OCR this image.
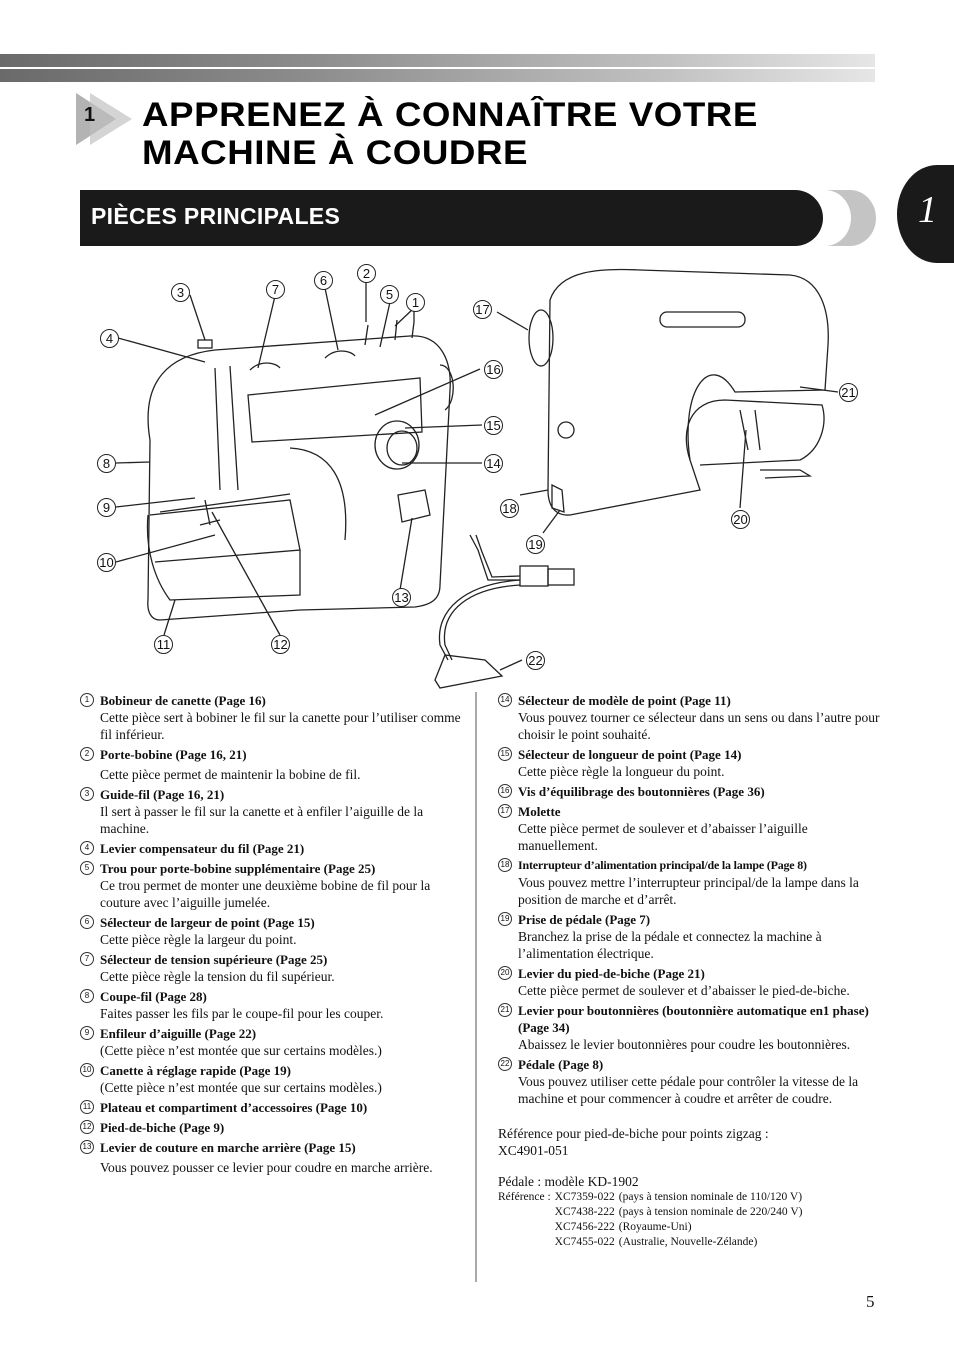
1 APPRENEZ À CONNAÎTRE VOTRE
MACHINE À COUDRE
PIÈCES PRINCIPALES	1
3	7
6	2
5
1
4
16
15
14
8
9
10
13
11	12
17
18
19
20
21
22
1 Bobineur de canette (Page 16)
Cette pièce sert à bobiner le fil sur la canette pour l’utiliser comme fil inférieur.
2 Porte-bobine (Page 16, 21)
Cette pièce permet de maintenir la bobine de fil.
3 Guide-fil (Page 16, 21)
Il sert à passer le fil sur la canette et à enfiler l’aiguille de la machine.
4 Levier compensateur du fil (Page 21)
5 Trou pour porte-bobine supplémentaire (Page 25)
Ce trou permet de monter une deuxième bobine de fil pour la couture avec l’aiguille jumelée.
6 Sélecteur de largeur de point (Page 15)
Cette pièce règle la largeur du point.
7 Sélecteur de tension supérieure (Page 25)
Cette pièce règle la tension du fil supérieur.
8 Coupe-fil (Page 28)
Faites passer les fils par le coupe-fil pour les couper.
9 Enfileur d’aiguille (Page 22)
(Cette pièce n’est montée que sur certains modèles.)
10 Canette à réglage rapide (Page 19)
(Cette pièce n’est montée que sur certains modèles.)
11 Plateau et compartiment d’accessoires (Page 10)
12 Pied-de-biche (Page 9)
13 Levier de couture en marche arrière (Page 15)
Vous pouvez pousser ce levier pour coudre en marche arrière.
14 Sélecteur de modèle de point (Page 11)
Vous pouvez tourner ce sélecteur dans un sens ou dans l’autre pour choisir le point souhaité.
15 Sélecteur de longueur de point (Page 14)
Cette pièce règle la longueur du point.
16 Vis d’équilibrage des boutonnières (Page 36)
17 Molette
Cette pièce permet de soulever et d’abaisser l’aiguille manuellement.
18 Interrupteur d’alimentation principal/de la lampe (Page 8)
Vous pouvez mettre l’interrupteur principal/de la lampe dans la position de marche et d’arrêt.
19 Prise de pédale (Page 7)
Branchez la prise de la pédale et connectez la machine à l’alimentation électrique.
20 Levier du pied-de-biche (Page 21)
Cette pièce permet de soulever et d’abaisser le pied-de-biche.
21 Levier pour boutonnières (boutonnière automatique en1 phase) (Page 34)
Abaissez le levier boutonnières pour coudre les boutonnières.
22 Pédale (Page 8)
Vous pouvez utiliser cette pédale pour contrôler la vitesse de la machine et pour commencer à coudre et arrêter de coudre.
Référence pour pied-de-biche pour points zigzag :
XC4901-051
Pédale : modèle KD-1902
Référence :	XC7359-022	(pays à tension nominale de 110/120 V)
	XC7438-222	(pays à tension nominale de 220/240 V)
	XC7456-222	(Royaume-Uni)
	XC7455-022	(Australie, Nouvelle-Zélande)
5
